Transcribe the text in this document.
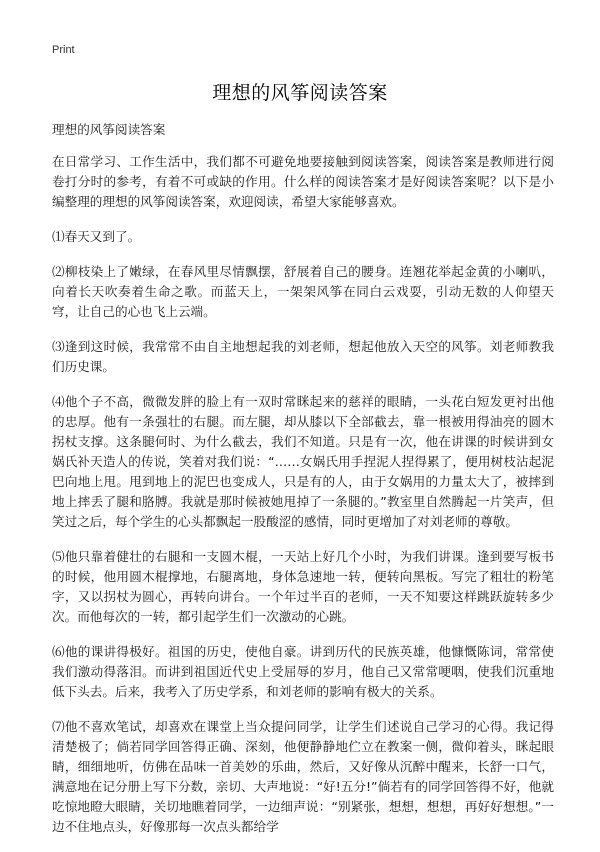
Print
理想的风筝阅读答案

理想的风筝阅读答案

在日常学习、工作生活中，我们都不可避免地要接触到阅读答案，阅读答案是教师进行阅卷打分时的参考，有着不可或缺的作用。什么样的阅读答案才是好阅读答案呢？以下是小编整理的理想的风筝阅读答案，欢迎阅读，希望大家能够喜欢。

⑴春天又到了。

⑵柳枝染上了嫩绿，在春风里尽情飘摆，舒展着自己的腰身。连翘花举起金黄的小喇叭，向着长天吹奏着生命之歌。而蓝天上，一架架风筝在同白云戏耍，引动无数的人仰望天穹，让自己的心也飞上云端。

⑶逢到这时候，我常常不由自主地想起我的刘老师，想起他放入天空的风筝。刘老师教我们历史课。

⑷他个子不高，微微发胖的脸上有一双时常眯起来的慈祥的眼睛，一头花白短发更衬出他的忠厚。他有一条强壮的右腿。而左腿，却从膝以下全部截去，靠一根被用得油亮的圆木拐杖支撑。这条腿何时、为什么截去，我们不知道。只是有一次，他在讲课的时候讲到女娲氏补天造人的传说，笑着对我们说：“……女娲氏用手捏泥人捏得累了，便用树枝沾起泥巴向地上甩。甩到地上的泥巴也变成人，只是有的人，由于女娲用的力量太大了，被摔到地上摔丢了腿和胳膊。我就是那时候被她甩掉了一条腿的。”教室里自然腾起一片笑声，但笑过之后，每个学生的心头都飘起一股酸涩的感情，同时更增加了对刘老师的尊敬。

⑸他只靠着健壮的右腿和一支圆木棍，一天站上好几个小时，为我们讲课。逢到要写板书的时候，他用圆木棍撑地，右腿离地，身体急速地一转，便转向黑板。写完了粗壮的粉笔字，又以拐杖为圆心，再转向讲台。一个年过半百的老师，一天不知要这样跳跃旋转多少次。而他每次的一转，都引起学生们一次激动的心跳。

⑹他的课讲得极好。祖国的历史，使他自豪。讲到历代的民族英雄，他慷慨陈词，常常使我们激动得落泪。而讲到祖国近代史上受屈辱的岁月，他自己又常常哽咽，使我们沉重地低下头去。后来，我考入了历史学系，和刘老师的影响有极大的关系。

⑺他不喜欢笔试，却喜欢在课堂上当众提问同学，让学生们述说自己学习的心得。我记得清楚极了；倘若同学回答得正确、深刻，他便静静地伫立在教案一侧，微仰着头，眯起眼睛，细细地听，仿佛在品味一首美妙的乐曲，然后，又好像从沉醉中醒来，长舒一口气，满意地在记分册上写下分数，亲切、大声地说：“好!五分!”倘若有的同学回答得不好，他就吃惊地瞪大眼睛，关切地瞧着同学，一边细声说：“别紧张，想想，想想，再好好想想。”一边不住地点头，好像那每一次点头都给学
